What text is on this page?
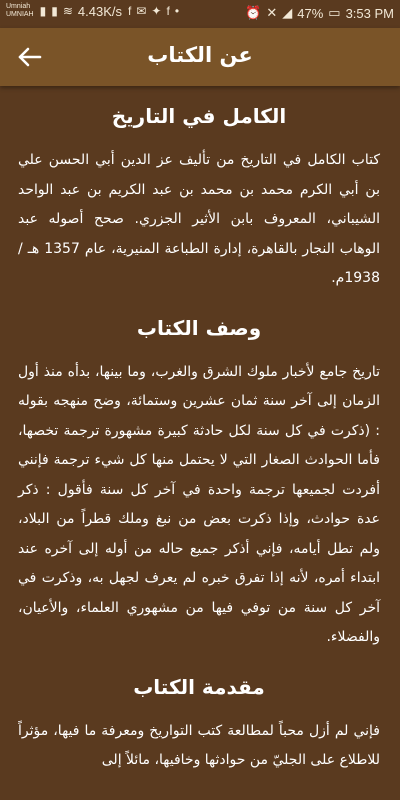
Umniah
UMNIAH ▮ ▮ ≋ 4.43K/s f ✉ ✦ f •	⏰ ✕ ◢ 47% ▭ 3:53 PM
عن الكتاب
الكامل في التاريخ

كتاب الكامل في التاريخ من تأليف عز الدين أبي الحسن علي بن أبي الكرم محمد بن محمد بن عبد الكريم بن عبد الواحد الشيباني، المعروف بابن الأثير الجزري. صحح أصوله عبد الوهاب النجار بالقاهرة، إدارة الطباعة المنيرية، عام 1357 هـ / 1938م.

وصف الكتاب

تاريخ جامع لأخبار ملوك الشرق والغرب، وما بينها، بدأه منذ أول الزمان إلى آخر سنة ثمان عشرين وستمائة، وضح منهجه بقوله : (ذكرت في كل سنة لكل حادثة كبيرة مشهورة ترجمة تخصها، فأما الحوادث الصغار التي لا يحتمل منها كل شيء ترجمة فإنني أفردت لجميعها ترجمة واحدة في آخر كل سنة فأقول : ذكر عدة حوادث، وإذا ذكرت بعض من نبغ وملك قطراً من البلاد، ولم تطل أيامه، فإني أذكر جميع حاله من أوله إلى آخره عند ابتداء أمره، لأنه إذا تفرق خبره لم يعرف لجهل به، وذكرت في آخر كل سنة من توفي فيها من مشهوري العلماء، والأعيان، والفضلاء.

مقدمة الكتاب

فإني لم أزل محباً لمطالعة كتب التواريخ ومعرفة ما فيها، مؤثراً للاطلاع على الجليّ من حوادثها وخافيها، مائلاً إلى
